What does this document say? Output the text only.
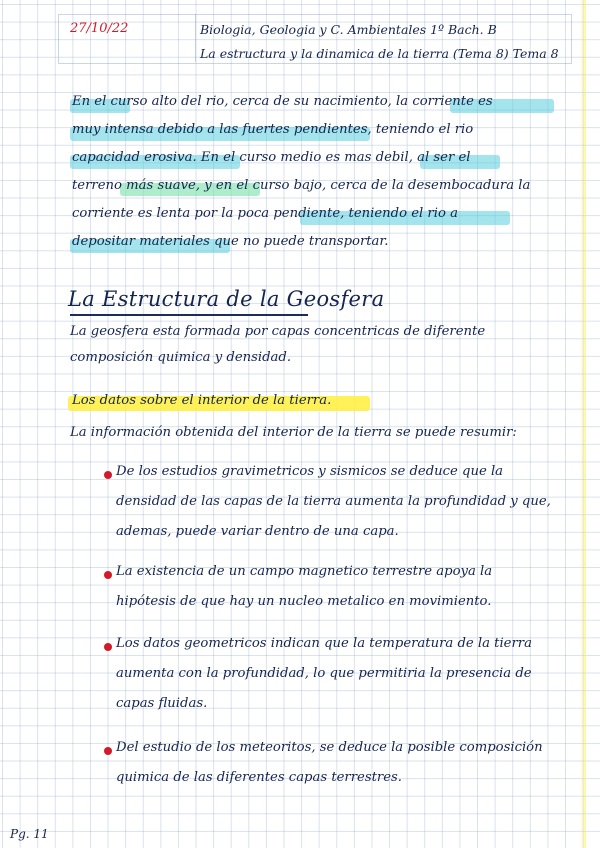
27/10/22	Biologia, Geologia y C. Ambientales 1º Bach. B
La estructura y la dinamica de la tierra (Tema 8) Tema 8
En el curso alto del rio, cerca de su nacimiento, la corriente es
muy intensa debido a las fuertes pendientes, teniendo el rio
capacidad erosiva. En el curso medio es mas debil, al ser el
terreno más suave, y en el curso bajo, cerca de la desembocadura la
corriente es lenta por la poca pendiente, teniendo el rio a
depositar materiales que no puede transportar.
La Estructura de la Geosfera
La geosfera esta formada por capas concentricas de diferente
composición quimica y densidad.
Los datos sobre el interior de la tierra.
La información obtenida del interior de la tierra se puede resumir:
De los estudios gravimetricos y sismicos se deduce que la
densidad de las capas de la tierra aumenta la profundidad y que,
ademas, puede variar dentro de una capa.
La existencia de un campo magnetico terrestre apoya la
hipótesis de que hay un nucleo metalico en movimiento.
Los datos geometricos indican que la temperatura de la tierra
aumenta con la profundidad, lo que permitiria la presencia de
capas fluidas.
Del estudio de los meteoritos, se deduce la posible composición
quimica de las diferentes capas terrestres.
Pg. 11
